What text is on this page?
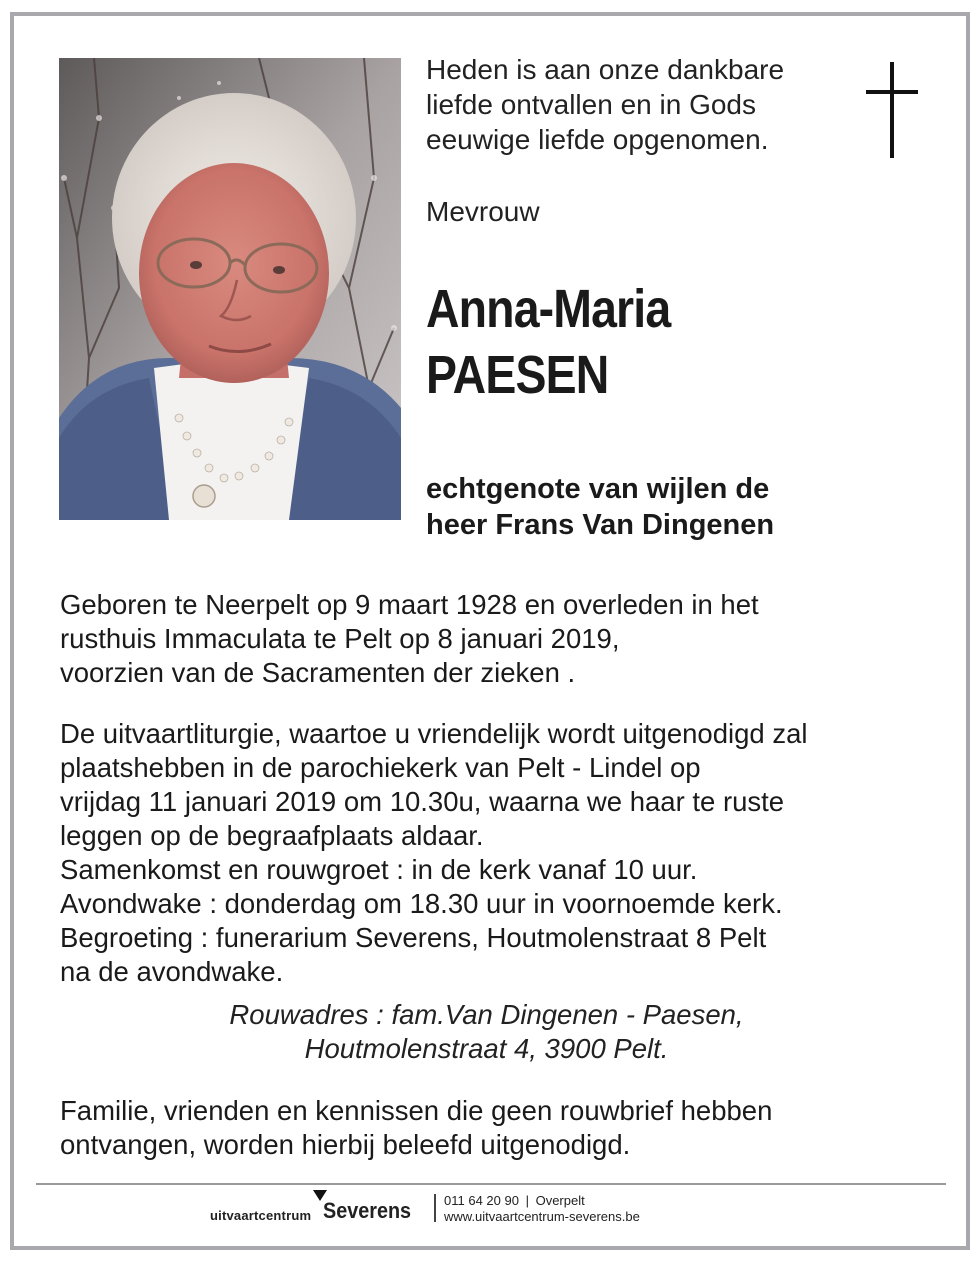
Heden is aan onze dankbare
liefde ontvallen en in Gods
eeuwige liefde opgenomen.
Mevrouw
Anna-Maria
PAESEN
echtgenote van wijlen de
heer Frans Van Dingenen
Geboren te Neerpelt op 9 maart 1928 en overleden in het
rusthuis Immaculata te Pelt op 8 januari 2019,
voorzien van de Sacramenten der zieken .
De uitvaartliturgie, waartoe u vriendelijk wordt uitgenodigd zal
plaatshebben in de parochiekerk van Pelt - Lindel op
vrijdag 11 januari 2019 om 10.30u, waarna we haar te ruste
leggen op de begraafplaats aldaar.
Samenkomst en rouwgroet : in de kerk vanaf 10 uur.
Avondwake : donderdag om 18.30 uur in voornoemde kerk.
Begroeting : funerarium Severens, Houtmolenstraat 8 Pelt
na de avondwake.
Rouwadres : fam.Van Dingenen - Paesen,
Houtmolenstraat 4, 3900 Pelt.
Familie, vrienden en kennissen die geen rouwbrief hebben
ontvangen, worden hierbij beleefd uitgenodigd.
uitvaartcentrum Severens	011 64 20 90 | Overpelt
www.uitvaartcentrum-severens.be
